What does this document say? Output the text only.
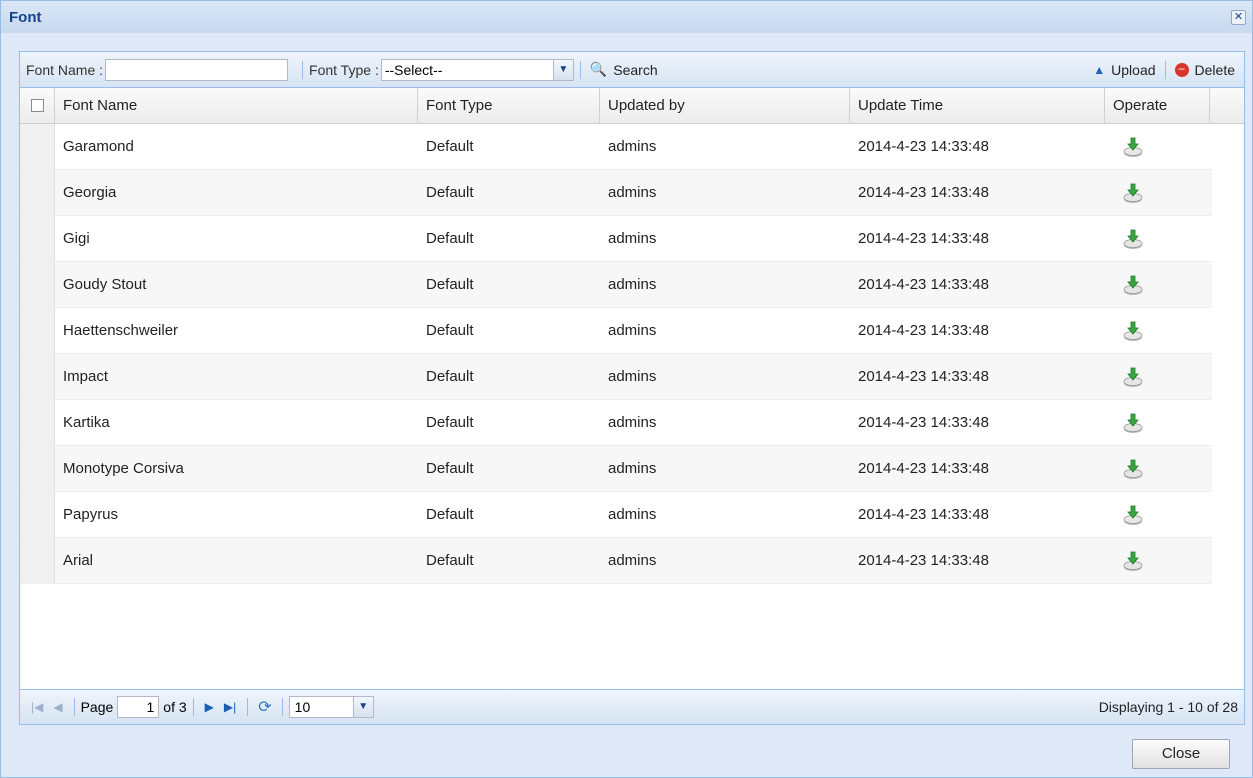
Font	✕
Font Name :	Font Type : --Select--	▼	🔍 Search	▲ Upload − Delete
Font Name	Font Type	Updated by	Update Time	Operate
Garamond	Default	admins	2014-4-23 14:33:48
Georgia	Default	admins	2014-4-23 14:33:48
Gigi	Default	admins	2014-4-23 14:33:48
Goudy Stout	Default	admins	2014-4-23 14:33:48
Haettenschweiler	Default	admins	2014-4-23 14:33:48
Impact	Default	admins	2014-4-23 14:33:48
Kartika	Default	admins	2014-4-23 14:33:48
Monotype Corsiva	Default	admins	2014-4-23 14:33:48
Papyrus	Default	admins	2014-4-23 14:33:48
Arial	Default	admins	2014-4-23 14:33:48
|◀ ◀ Page	1 of 3 ▶ ▶| ⟳	10	▼	Displaying 1 - 10 of 28
Close
